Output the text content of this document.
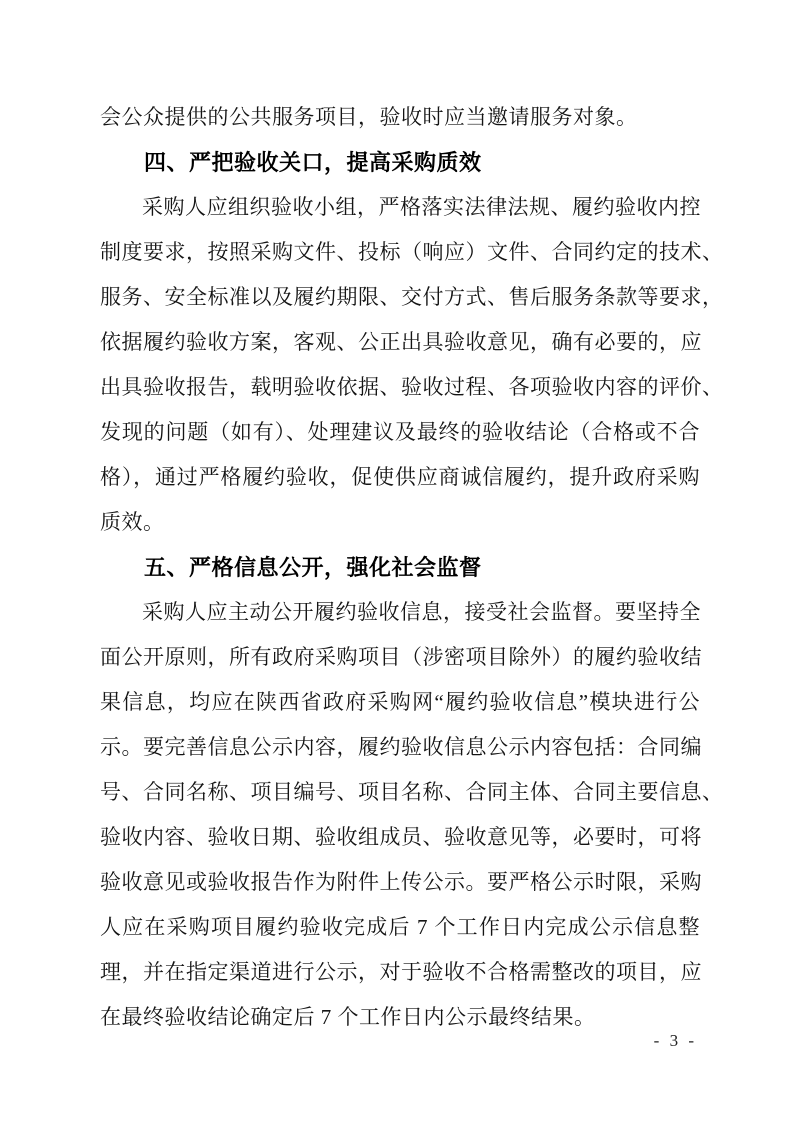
会公众提供的公共服务项目，验收时应当邀请服务对象。
四、严把验收关口，提高采购质效
采购人应组织验收小组，严格落实法律法规、履约验收内控
制度要求，按照采购文件、投标（响应）文件、合同约定的技术、
服务、安全标准以及履约期限、交付方式、售后服务条款等要求，
依据履约验收方案，客观、公正出具验收意见，确有必要的，应
出具验收报告，载明验收依据、验收过程、各项验收内容的评价、
发现的问题（如有）、处理建议及最终的验收结论（合格或不合
格），通过严格履约验收，促使供应商诚信履约，提升政府采购
质效。
五、严格信息公开，强化社会监督
采购人应主动公开履约验收信息，接受社会监督。要坚持全
面公开原则，所有政府采购项目（涉密项目除外）的履约验收结
果信息，均应在陕西省政府采购网“履约验收信息”模块进行公
示。要完善信息公示内容，履约验收信息公示内容包括：合同编
号、合同名称、项目编号、项目名称、合同主体、合同主要信息、
验收内容、验收日期、验收组成员、验收意见等，必要时，可将
验收意见或验收报告作为附件上传公示。要严格公示时限，采购
人应在采购项目履约验收完成后 7 个工作日内完成公示信息整
理，并在指定渠道进行公示，对于验收不合格需整改的项目，应
在最终验收结论确定后 7 个工作日内公示最终结果。
- 3 -
